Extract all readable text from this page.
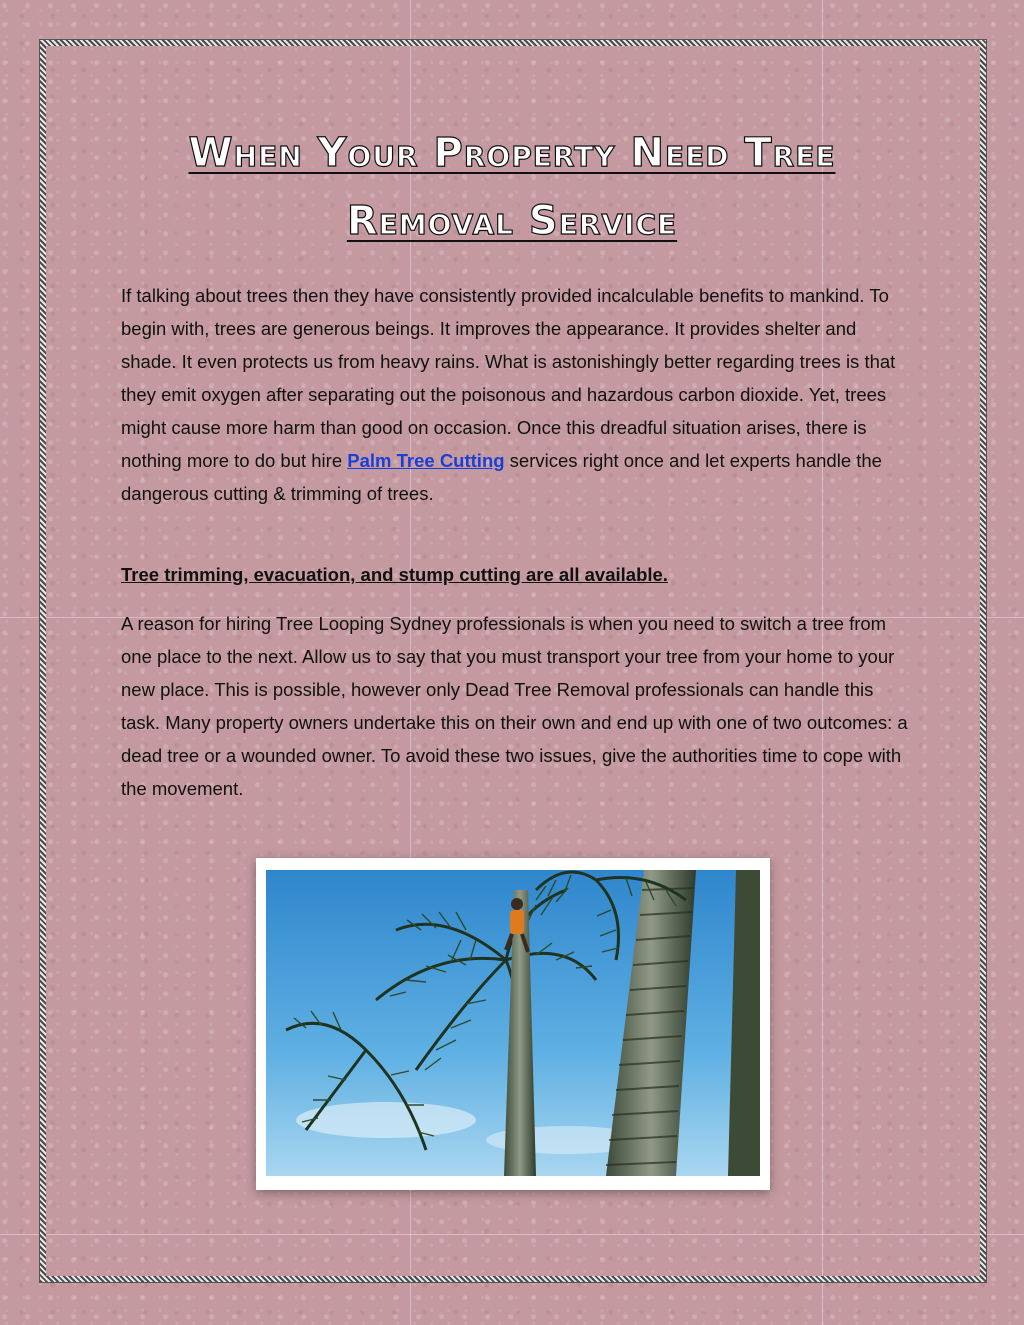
When Your Property Need Tree
Removal Service

If talking about trees then they have consistently provided incalculable benefits to mankind. To begin with, trees are generous beings. It improves the appearance. It provides shelter and shade. It even protects us from heavy rains. What is astonishingly better regarding trees is that they emit oxygen after separating out the poisonous and hazardous carbon dioxide. Yet, trees might cause more harm than good on occasion. Once this dreadful situation arises, there is nothing more to do but hire Palm Tree Cutting services right once and let experts handle the dangerous cutting & trimming of trees.

Tree trimming, evacuation, and stump cutting are all available.

A reason for hiring Tree Looping Sydney professionals is when you need to switch a tree from one place to the next. Allow us to say that you must transport your tree from your home to your new place. This is possible, however only Dead Tree Removal professionals can handle this task. Many property owners undertake this on their own and end up with one of two outcomes: a dead tree or a wounded owner. To avoid these two issues, give the authorities time to cope with the movement.
